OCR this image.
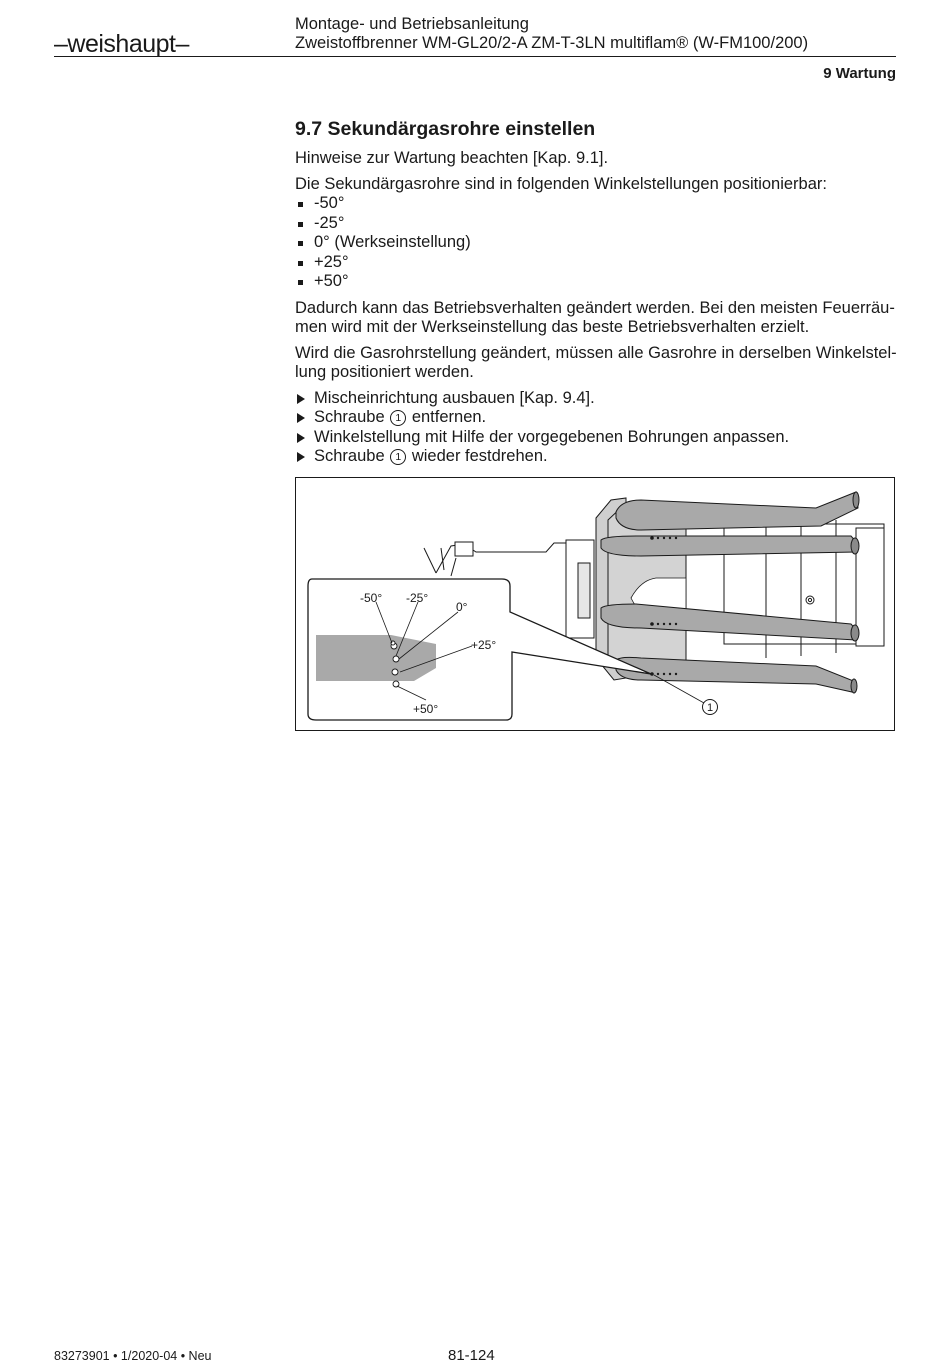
–weishaupt–
Montage- und Betriebsanleitung
Zweistoffbrenner WM-GL20/2-A ZM-T-3LN multiflam® (W-FM100/200)
9 Wartung
9.7 Sekundärgasrohre einstellen

Hinweise zur Wartung beachten [Kap. 9.1].

Die Sekundärgasrohre sind in folgenden Winkelstellungen positionierbar:

-50°
-25°
0° (Werkseinstellung)
+25°
+50°

Dadurch kann das Betriebsverhalten geändert werden. Bei den meisten Feuerräu-
men wird mit der Werkseinstellung das beste Betriebsverhalten erzielt.

Wird die Gasrohrstellung geändert, müssen alle Gasrohre in derselben Winkelstel-
lung positioniert werden.

Mischeinrichtung ausbauen [Kap. 9.4].
Schraube 1 entfernen.
Winkelstellung mit Hilfe der vorgegebenen Bohrungen anpassen.
Schraube 1 wieder festdrehen.
-50° -25°
0°
+25°
+50°	1
83273901 • 1/2020-04 • Neu	81-124
